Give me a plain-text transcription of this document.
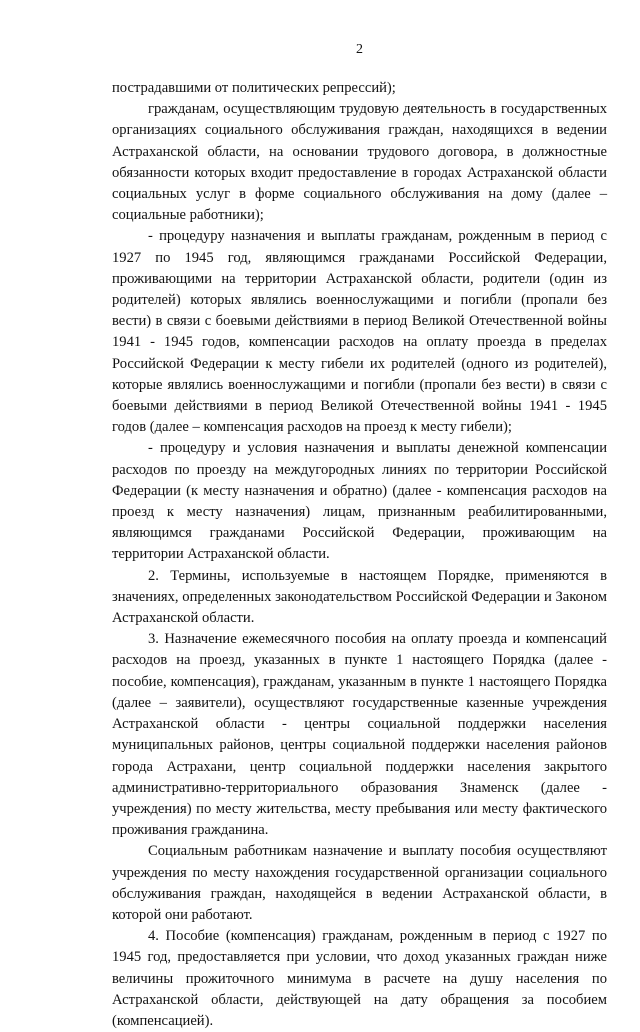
2

пострадавшими от политических репрессий);

гражданам, осуществляющим трудовую деятельность в государственных организациях социального обслуживания граждан, находящихся в ведении Астраханской области, на основании трудового договора, в должностные обязанности которых входит предоставление в городах Астраханской области социальных услуг в форме социального обслуживания на дому (далее – социальные работники);

- процедуру назначения и выплаты гражданам, рожденным в период с 1927 по 1945 год, являющимся гражданами Российской Федерации, проживающими на территории Астраханской области, родители (один из родителей) которых являлись военнослужащими и погибли (пропали без вести) в связи с боевыми действиями в период Великой Отечественной войны 1941 - 1945 годов, компенсации расходов на оплату проезда в пределах Российской Федерации к месту гибели их родителей (одного из родителей), которые являлись военнослужащими и погибли (пропали без вести) в связи с боевыми действиями в период Великой Отечественной войны 1941 - 1945 годов (далее – компенсация расходов на проезд к месту гибели);

- процедуру и условия назначения и выплаты денежной компенсации расходов по проезду на междугородных линиях по территории Российской Федерации (к месту назначения и обратно) (далее - компенсация расходов на проезд к месту назначения) лицам, признанным реабилитированными, являющимся гражданами Российской Федерации, проживающим на территории Астраханской области.

2. Термины, используемые в настоящем Порядке, применяются в значениях, определенных законодательством Российской Федерации и Законом Астраханской области.

3. Назначение ежемесячного пособия на оплату проезда и компенсаций расходов на проезд, указанных в пункте 1 настоящего Порядка (далее - пособие, компенсация), гражданам, указанным в пункте 1 настоящего Порядка (далее – заявители), осуществляют государственные казенные учреждения Астраханской области - центры социальной поддержки населения муниципальных районов, центры социальной поддержки населения районов города Астрахани, центр социальной поддержки населения закрытого административно-территориального образования Знаменск (далее - учреждения) по месту жительства, месту пребывания или месту фактического проживания гражданина.

Социальным работникам назначение и выплату пособия осуществляют учреждения по месту нахождения государственной организации социального обслуживания граждан, находящейся в ведении Астраханской области, в которой они работают.

4. Пособие (компенсация) гражданам, рожденным в период с 1927 по 1945 год, предоставляется при условии, что доход указанных граждан ниже величины прожиточного минимума в расчете на душу населения по Астраханской области, действующей на дату обращения за пособием (компенсацией).
